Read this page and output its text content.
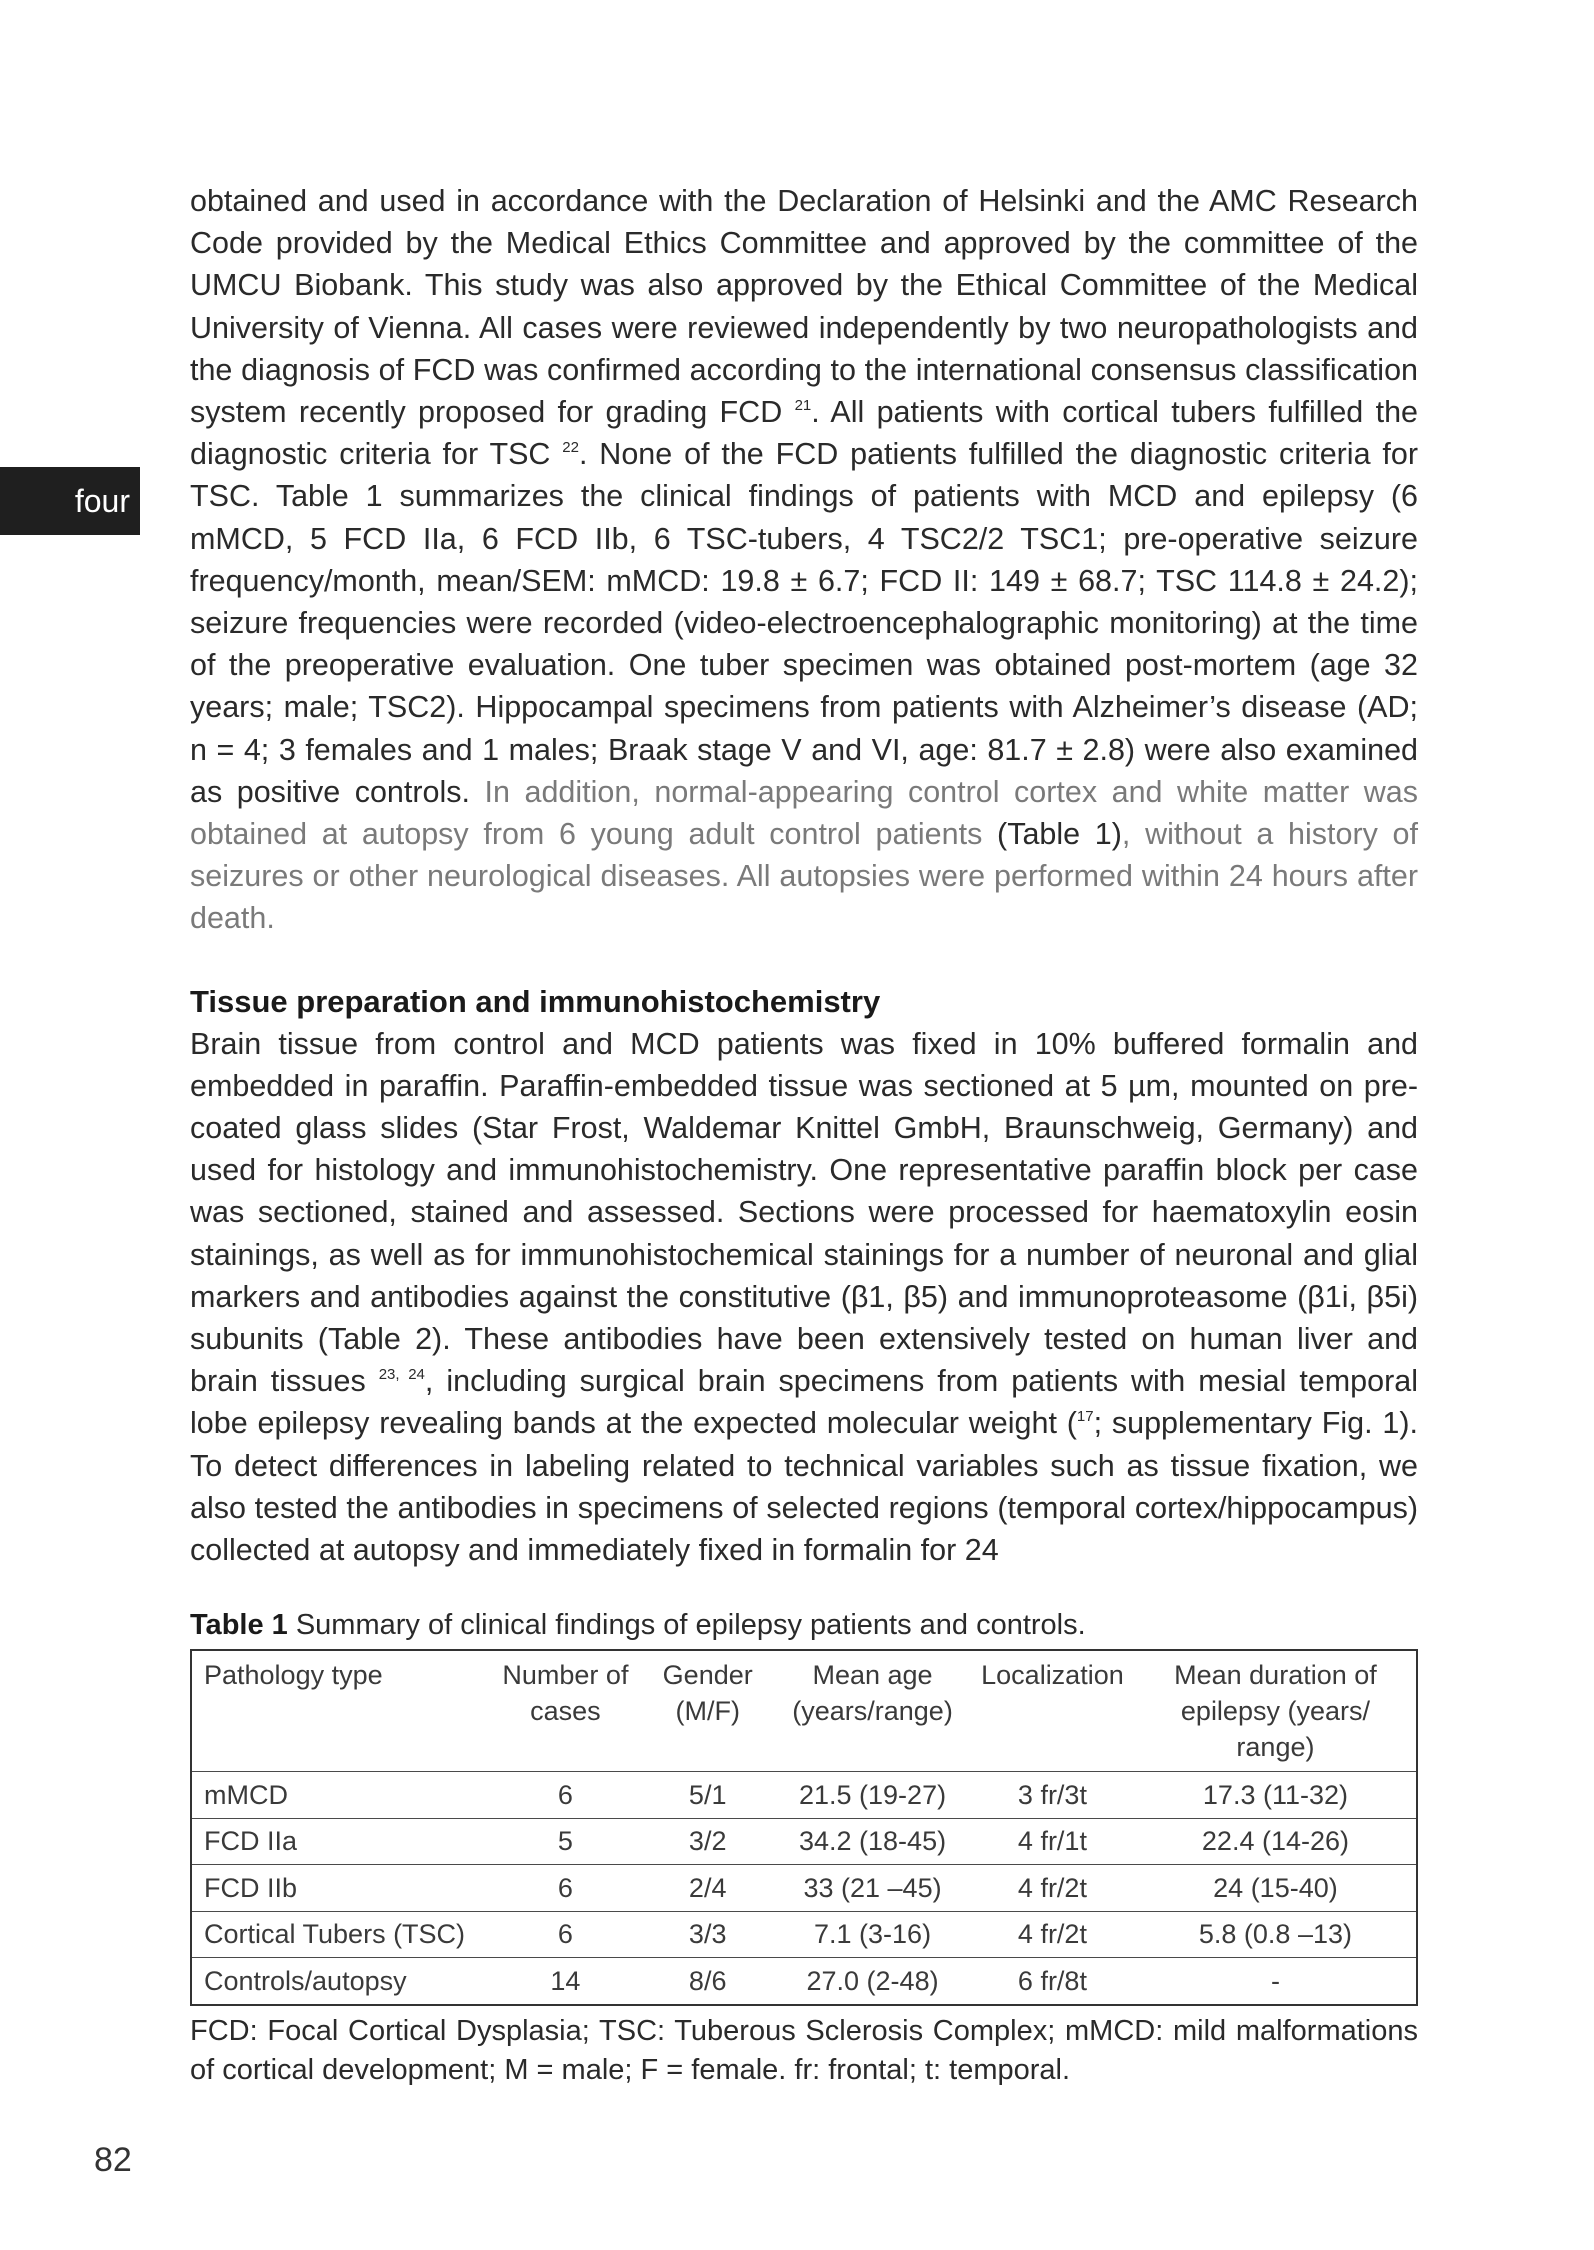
four

obtained and used in accordance with the Declaration of Helsinki and the AMC Research Code provided by the Medical Ethics Committee and approved by the committee of the UMCU Biobank. This study was also approved by the Ethical Committee of the Medical University of Vienna. All cases were reviewed independently by two neuropathologists and the diagnosis of FCD was confirmed according to the international consensus classification system recently proposed for grading FCD $^{21}$. All patients with cortical tubers fulfilled the diagnostic criteria for TSC $^{22}$. None of the FCD patients fulfilled the diagnostic criteria for TSC. Table 1 summarizes the clinical findings of patients with MCD and epilepsy (6 mMCD, 5 FCD IIa, 6 FCD IIb, 6 TSC-tubers, 4 TSC2/2 TSC1; pre-operative seizure frequency/month, mean/SEM: mMCD: 19.8 ± 6.7; FCD II: 149 ± 68.7; TSC 114.8 ± 24.2); seizure frequencies were recorded (video-electroencephalographic monitoring) at the time of the preoperative evaluation. One tuber specimen was obtained post-mortem (age 32 years; male; TSC2). Hippocampal specimens from patients with Alzheimer’s disease (AD; n = 4; 3 females and 1 males; Braak stage V and VI, age: 81.7 ± 2.8) were also examined as positive controls. In addition, normal-appearing control cortex and white matter was obtained at autopsy from 6 young adult control patients (Table 1), without a history of seizures or other neurological diseases. All autopsies were performed within 24 hours after death.

Tissue preparation and immunohistochemistry

Brain tissue from control and MCD patients was fixed in 10% buffered formalin and embedded in paraffin. Paraffin-embedded tissue was sectioned at 5 µm, mounted on pre-coated glass slides (Star Frost, Waldemar Knittel GmbH, Braunschweig, Germany) and used for histology and immunohistochemistry. One representative paraffin block per case was sectioned, stained and assessed. Sections were processed for haematoxylin eosin stainings, as well as for immunohistochemical stainings for a number of neuronal and glial markers and antibodies against the constitutive (β1, β5) and immunoproteasome (β1i, β5i) subunits (Table 2). These antibodies have been extensively tested on human liver and brain tissues $^{23, 24}$, including surgical brain specimens from patients with mesial temporal lobe epilepsy revealing bands at the expected molecular weight ($^{17}$; supplementary Fig. 1). To detect differences in labeling related to technical variables such as tissue fixation, we also tested the antibodies in specimens of selected regions (temporal cortex/hippocampus) collected at autopsy and immediately fixed in formalin for 24

Table 1 Summary of clinical findings of epilepsy patients and controls.
Pathology type	Number of cases	Gender (M/F)	Mean age (years/range)	Localization	Mean duration of epilepsy (years/ range)
mMCD	6	5/1	21.5 (19-27)	3 fr/3t	17.3 (11-32)
FCD IIa	5	3/2	34.2 (18-45)	4 fr/1t	22.4 (14-26)
FCD IIb	6	2/4	33 (21 –45)	4 fr/2t	24 (15-40)
Cortical Tubers (TSC)	6	3/3	7.1 (3-16)	4 fr/2t	5.8 (0.8 –13)
Controls/autopsy	14	8/6	27.0 (2-48)	6 fr/8t	-
FCD: Focal Cortical Dysplasia; TSC: Tuberous Sclerosis Complex; mMCD: mild malformations of cortical development; M = male; F = female. fr: frontal; t: temporal.
82
